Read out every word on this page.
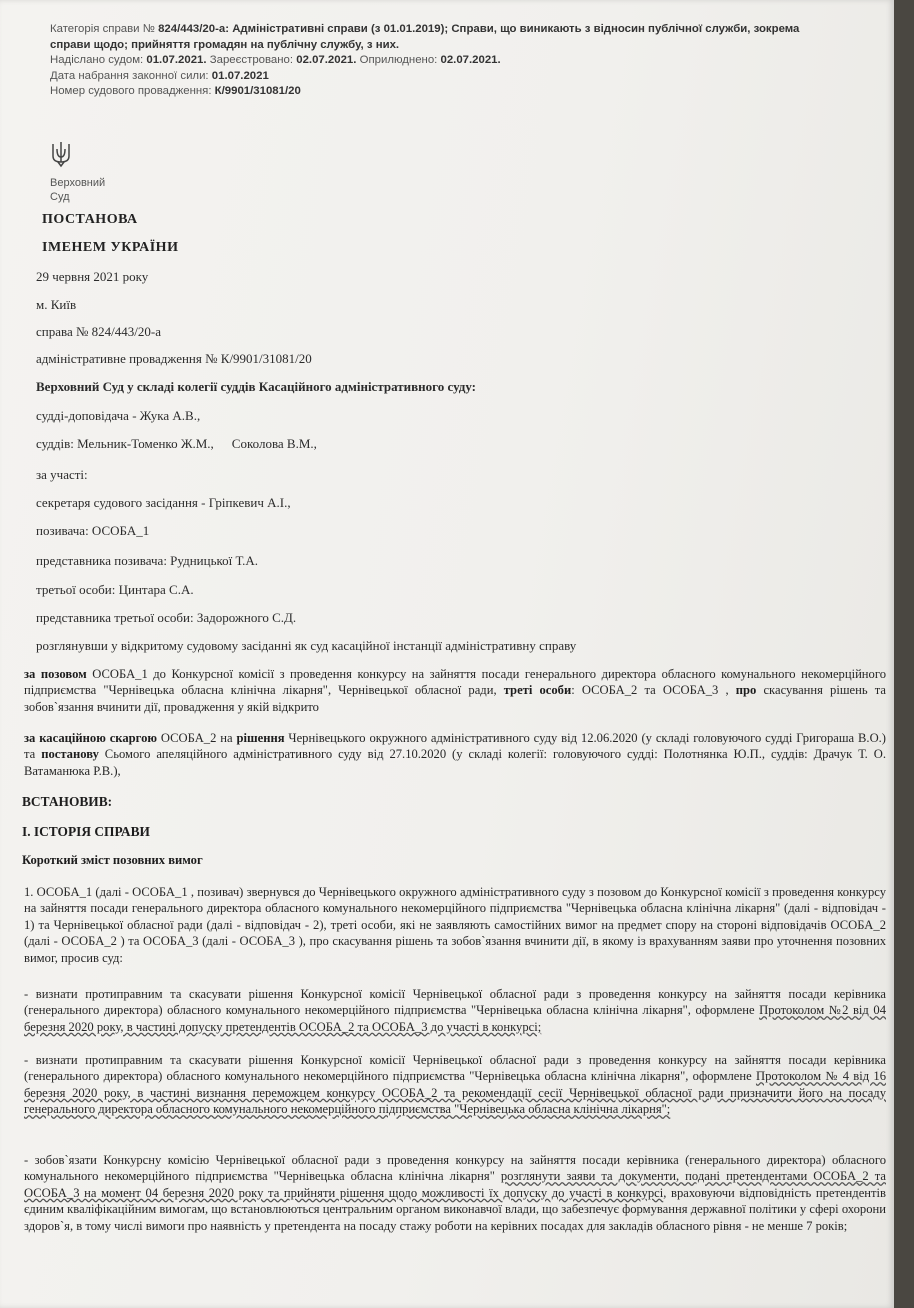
Категорія справи № 824/443/20-а: Адміністративні справи (з 01.01.2019); Справи, що виникають з відносин публічної служби, зокрема справи щодо; прийняття громадян на публічну службу, з них.
Надіслано судом: 01.07.2021. Зареєстровано: 02.07.2021. Оприлюднено: 02.07.2021.
Дата набрання законної сили: 01.07.2021
Номер судового провадження: К/9901/31081/20
Верховний
Суд
ПОСТАНОВА
ІМЕНЕМ УКРАЇНИ
29 червня 2021 року
м. Київ
справа № 824/443/20-а
адміністративне провадження № К/9901/31081/20
Верховний Суд у складі колегії суддів Касаційного адміністративного суду:
судді-доповідача - Жука А.В.,
суддів: Мельник-Томенко Ж.М., Соколова В.М.,
за участі:
секретаря судового засідання - Гріпкевич А.І.,
позивача: ОСОБА_1
представника позивача: Рудницької Т.А.
третьої особи: Цинтара С.А.
представника третьої особи: Задорожного С.Д.
розглянувши у відкритому судовому засіданні як суд касаційної інстанції адміністративну справу
за позовом ОСОБА_1 до Конкурсної комісії з проведення конкурсу на зайняття посади генерального директора обласного комунального некомерційного підприємства "Чернівецька обласна клінічна лікарня", Чернівецької обласної ради, треті особи: ОСОБА_2 та ОСОБА_3 , про скасування рішень та зобов`язання вчинити дії, провадження у якій відкрито
за касаційною скаргою ОСОБА_2 на рішення Чернівецького окружного адміністративного суду від 12.06.2020 (у складі головуючого судді Григораша В.О.) та постанову Сьомого апеляційного адміністративного суду від 27.10.2020 (у складі колегії: головуючого судді: Полотнянка Ю.П., суддів: Драчук Т. О. Ватаманюка Р.В.),
ВСТАНОВИВ:
І. ІСТОРІЯ СПРАВИ
Короткий зміст позовних вимог
1. ОСОБА_1 (далі - ОСОБА_1 , позивач) звернувся до Чернівецького окружного адміністративного суду з позовом до Конкурсної комісії з проведення конкурсу на зайняття посади генерального директора обласного комунального некомерційного підприємства "Чернівецька обласна клінічна лікарня" (далі - відповідач - 1) та Чернівецької обласної ради (далі - відповідач - 2), треті особи, які не заявляють самостійних вимог на предмет спору на стороні відповідачів ОСОБА_2 (далі - ОСОБА_2 ) та ОСОБА_3 (далі - ОСОБА_3 ), про скасування рішень та зобов`язання вчинити дії, в якому із врахуванням заяви про уточнення позовних вимог, просив суд:
- визнати протиправним та скасувати рішення Конкурсної комісії Чернівецької обласної ради з проведення конкурсу на зайняття посади керівника (генерального директора) обласного комунального некомерційного підприємства "Чернівецька обласна клінічна лікарня", оформлене Протоколом №2 від 04 березня 2020 року, в частині допуску претендентів ОСОБА_2 та ОСОБА_3 до участі в конкурсі;
- визнати протиправним та скасувати рішення Конкурсної комісії Чернівецької обласної ради з проведення конкурсу на зайняття посади керівника (генерального директора) обласного комунального некомерційного підприємства "Чернівецька обласна клінічна лікарня", оформлене Протоколом № 4 від 16 березня 2020 року, в частині визнання переможцем конкурсу ОСОБА_2 та рекомендації сесії Чернівецької обласної ради призначити його на посаду генерального директора обласного комунального некомерційного підприємства "Чернівецька обласна клінічна лікарня";
- зобов`язати Конкурсну комісію Чернівецької обласної ради з проведення конкурсу на зайняття посади керівника (генерального директора) обласного комунального некомерційного підприємства "Чернівецька обласна клінічна лікарня" розглянути заяви та документи, подані претендентами ОСОБА_2 та ОСОБА_3 на момент 04 березня 2020 року та прийняти рішення щодо можливості їх допуску до участі в конкурсі, враховуючи відповідність претендентів єдиним кваліфікаційним вимогам, що встановлюються центральним органом виконавчої влади, що забезпечує формування державної політики у сфері охорони здоров`я, в тому числі вимоги про наявність у претендента на посаду стажу роботи на керівних посадах для закладів обласного рівня - не менше 7 років;
